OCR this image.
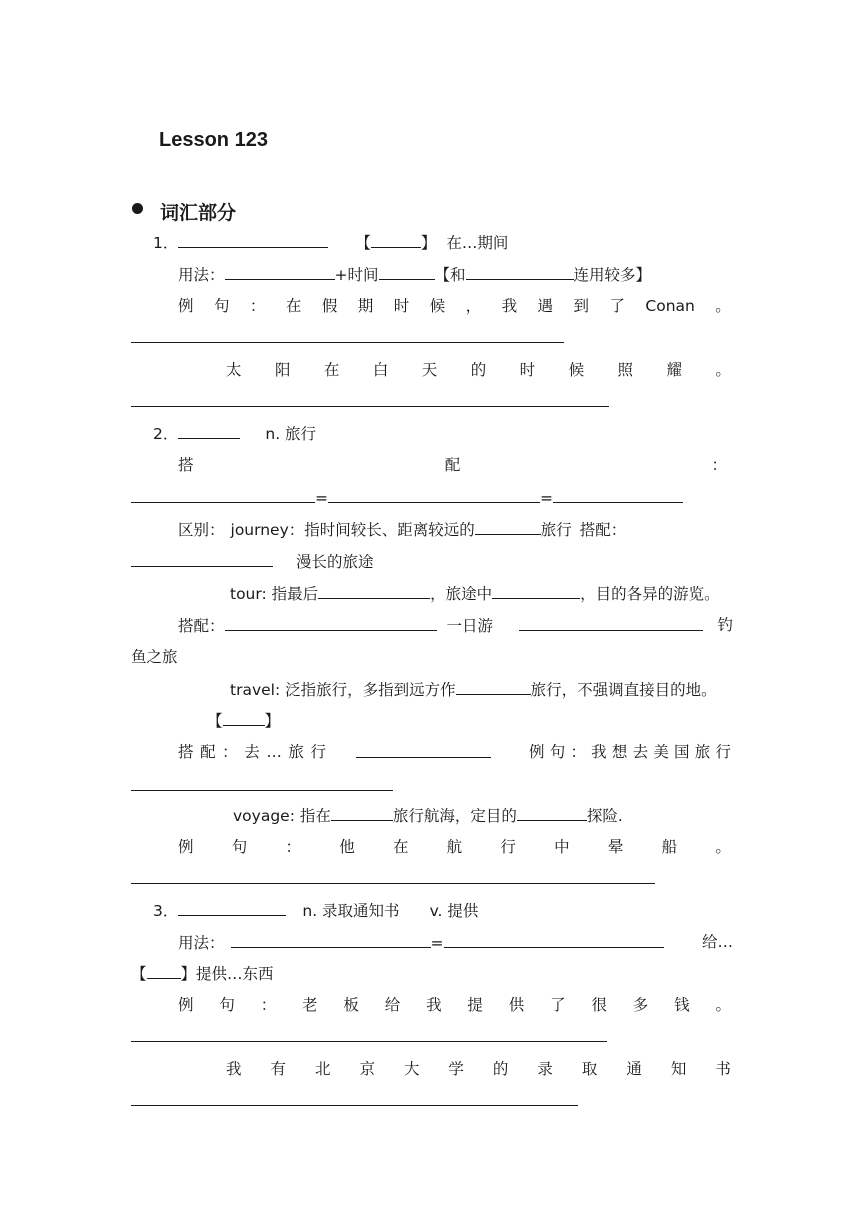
Lesson 123
词汇部分
1．	【	】 在…期间
用法：	+时间	【和	连用较多】
例 句 ： 在 假 期 时 候 ， 我 遇 到 了 Conan 。
太 阳 在 白 天 的 时 候 照 耀 。
2．	n. 旅行
搭	配	：
=	=
区别： journey：指时间较长、距离较远的	旅行 搭配：
漫长的旅途
tour: 指最后	，旅途中	，目的各异的游览。
搭配：	一日游	钓
鱼之旅
travel: 泛指旅行，多指到远方作	旅行，不强调直接目的地。
【	】
搭 配 ： 去 … 旅 行	例 句 ： 我 想 去 美 国 旅 行
voyage: 指在	旅行航海，定目的	探险.
例 句 ： 他 在 航 行 中 晕 船 。
3．	n. 录取通知书 v. 提供
用法：	=	给…
【 】提供…东西
例 句 ： 老 板 给 我 提 供 了 很 多 钱 。
我 有 北 京 大 学 的 录 取 通 知 书
